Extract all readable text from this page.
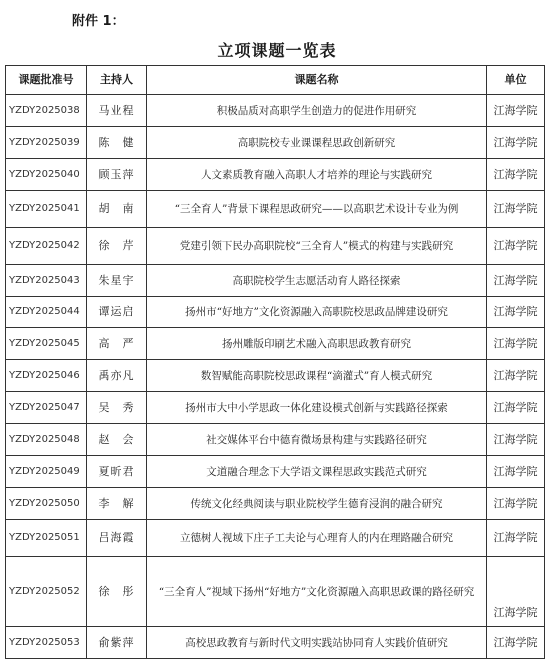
附件 1：
立项课题一览表
课题批准号	主持人	课题名称	单位
YZDY2025038	马业程	积极品质对高职学生创造力的促进作用研究	江海学院
YZDY2025039	陈　健	高职院校专业课课程思政创新研究	江海学院
YZDY2025040	顾玉萍	人文素质教育融入高职人才培养的理论与实践研究	江海学院
YZDY2025041	胡　南	“三全育人”背景下课程思政研究——以高职艺术设计专业为例	江海学院
YZDY2025042	徐　芹	党建引领下民办高职院校“三全育人”模式的构建与实践研究	江海学院
YZDY2025043	朱星宇	高职院校学生志愿活动育人路径探索	江海学院
YZDY2025044	谭运启	扬州市“好地方”文化资源融入高职院校思政品牌建设研究	江海学院
YZDY2025045	高　严	扬州雕版印刷艺术融入高职思政教育研究	江海学院
YZDY2025046	禹亦凡	数智赋能高职院校思政课程“滴灌式”育人模式研究	江海学院
YZDY2025047	吴　秀	扬州市大中小学思政一体化建设模式创新与实践路径探索	江海学院
YZDY2025048	赵　会	社交媒体平台中德育微场景构建与实践路径研究	江海学院
YZDY2025049	夏昕君	文道融合理念下大学语文课程思政实践范式研究	江海学院
YZDY2025050	李　解	传统文化经典阅读与职业院校学生德育浸润的融合研究	江海学院
YZDY2025051	吕海霞	立德树人视域下庄子工夫论与心理育人的内在理路融合研究	江海学院
YZDY2025052	徐　彤	“三全育人”视域下扬州“好地方”文化资源融入高职思政课的路径研究	江海学院
YZDY2025053	俞紫萍	高校思政教育与新时代文明实践站协同育人实践价值研究	江海学院
